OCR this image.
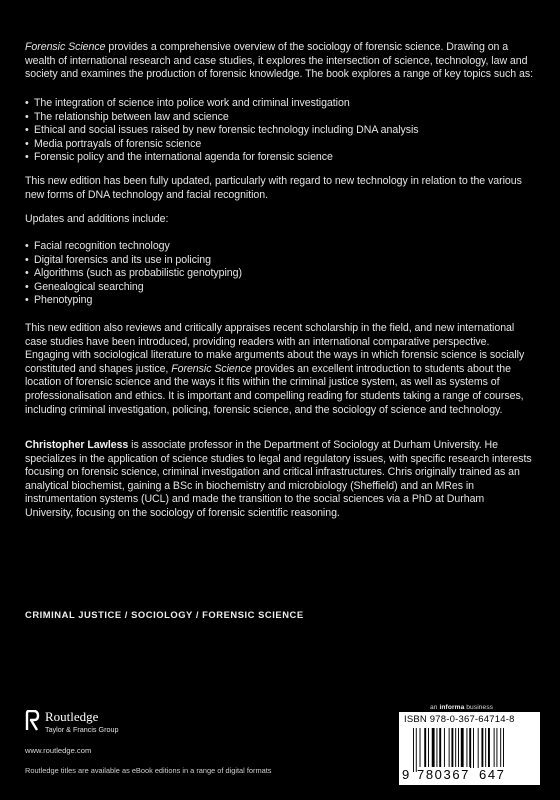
Forensic Science provides a comprehensive overview of the sociology of forensic science. Drawing on a wealth of international research and case studies, it explores the intersection of science, technology, law and society and examines the production of forensic knowledge. The book explores a range of key topics such as:

• The integration of science into police work and criminal investigation
• The relationship between law and science
• Ethical and social issues raised by new forensic technology including DNA analysis
• Media portrayals of forensic science
• Forensic policy and the international agenda for forensic science

This new edition has been fully updated, particularly with regard to new technology in relation to the various new forms of DNA technology and facial recognition.

Updates and additions include:

• Facial recognition technology
• Digital forensics and its use in policing
• Algorithms (such as probabilistic genotyping)
• Genealogical searching
• Phenotyping

This new edition also reviews and critically appraises recent scholarship in the field, and new international case studies have been introduced, providing readers with an international comparative perspective. Engaging with sociological literature to make arguments about the ways in which forensic science is socially constituted and shapes justice, Forensic Science provides an excellent introduction to students about the location of forensic science and the ways it fits within the criminal justice system, as well as systems of professionalisation and ethics. It is important and compelling reading for students taking a range of courses, including criminal investigation, policing, forensic science, and the sociology of science and technology.

Christopher Lawless is associate professor in the Department of Sociology at Durham University. He specializes in the application of science studies to legal and regulatory issues, with specific research interests focusing on forensic science, criminal investigation and critical infrastructures. Chris originally trained as an analytical biochemist, gaining a BSc in biochemistry and microbiology (Sheffield) and an MRes in instrumentation systems (UCL) and made the transition to the social sciences via a PhD at Durham University, focusing on the sociology of forensic scientific reasoning.

CRIMINAL JUSTICE / SOCIOLOGY / FORENSIC SCIENCE
an informa business
Routledge
Taylor & Francis Group
www.routledge.com
Routledge titles are available as eBook editions in a range of digital formats
ISBN 978-0-367-64714-8
9 780367 647
